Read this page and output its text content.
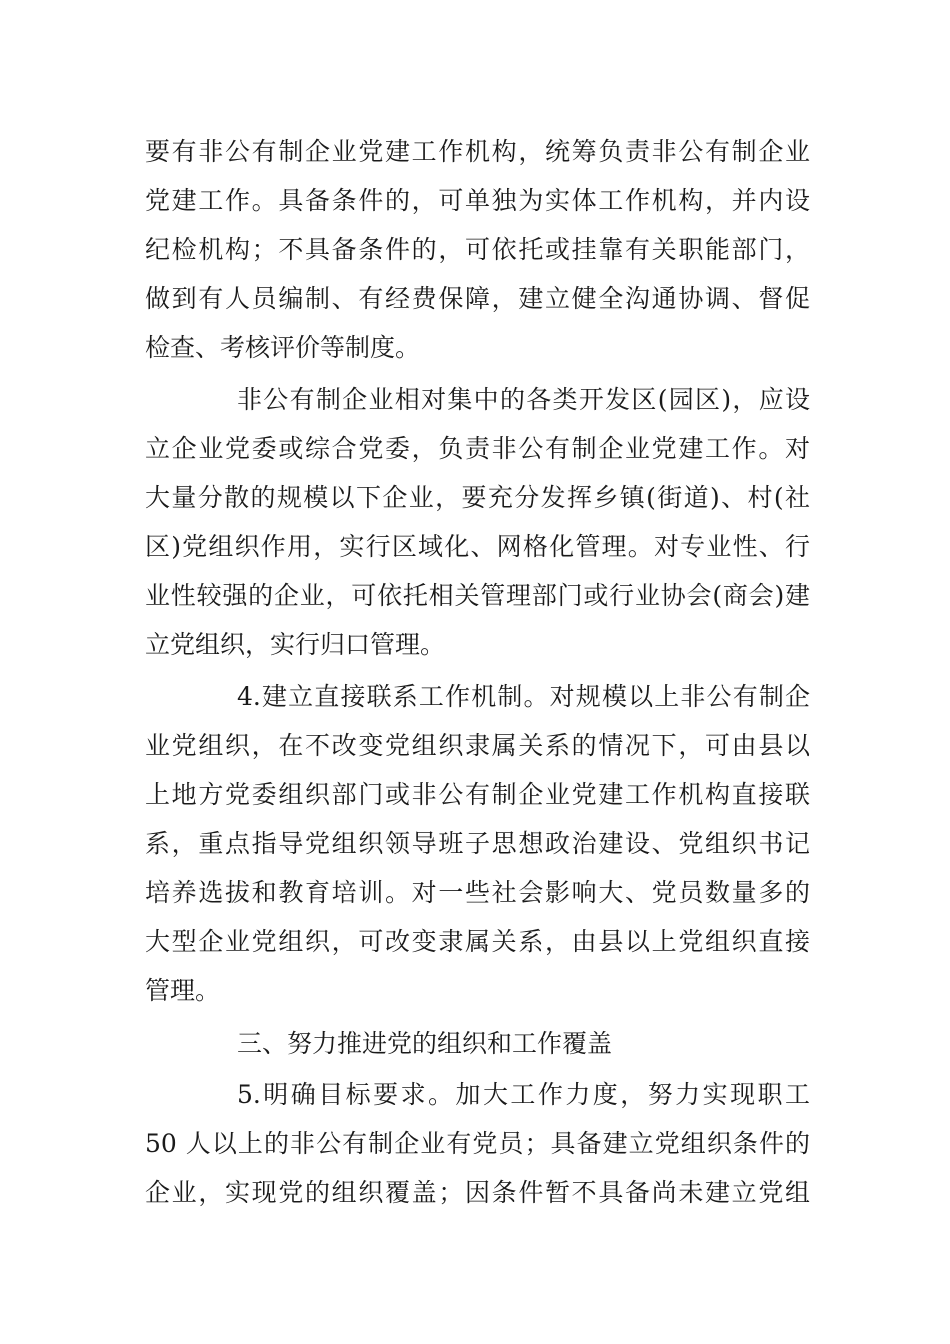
要有非公有制企业党建工作机构，统筹负责非公有制企业
党建工作。具备条件的，可单独为实体工作机构，并内设
纪检机构；不具备条件的，可依托或挂靠有关职能部门，
做到有人员编制、有经费保障，建立健全沟通协调、督促
检查、考核评价等制度。
非公有制企业相对集中的各类开发区(园区)，应设
立企业党委或综合党委，负责非公有制企业党建工作。对
大量分散的规模以下企业，要充分发挥乡镇(街道)、村(社
区)党组织作用，实行区域化、网格化管理。对专业性、行
业性较强的企业，可依托相关管理部门或行业协会(商会)建
立党组织，实行归口管理。
4.建立直接联系工作机制。对规模以上非公有制企
业党组织，在不改变党组织隶属关系的情况下，可由县以
上地方党委组织部门或非公有制企业党建工作机构直接联
系，重点指导党组织领导班子思想政治建设、党组织书记
培养选拔和教育培训。对一些社会影响大、党员数量多的
大型企业党组织，可改变隶属关系，由县以上党组织直接
管理。
三、努力推进党的组织和工作覆盖
5.明确目标要求。加大工作力度，努力实现职工
50 人以上的非公有制企业有党员；具备建立党组织条件的
企业，实现党的组织覆盖；因条件暂不具备尚未建立党组
